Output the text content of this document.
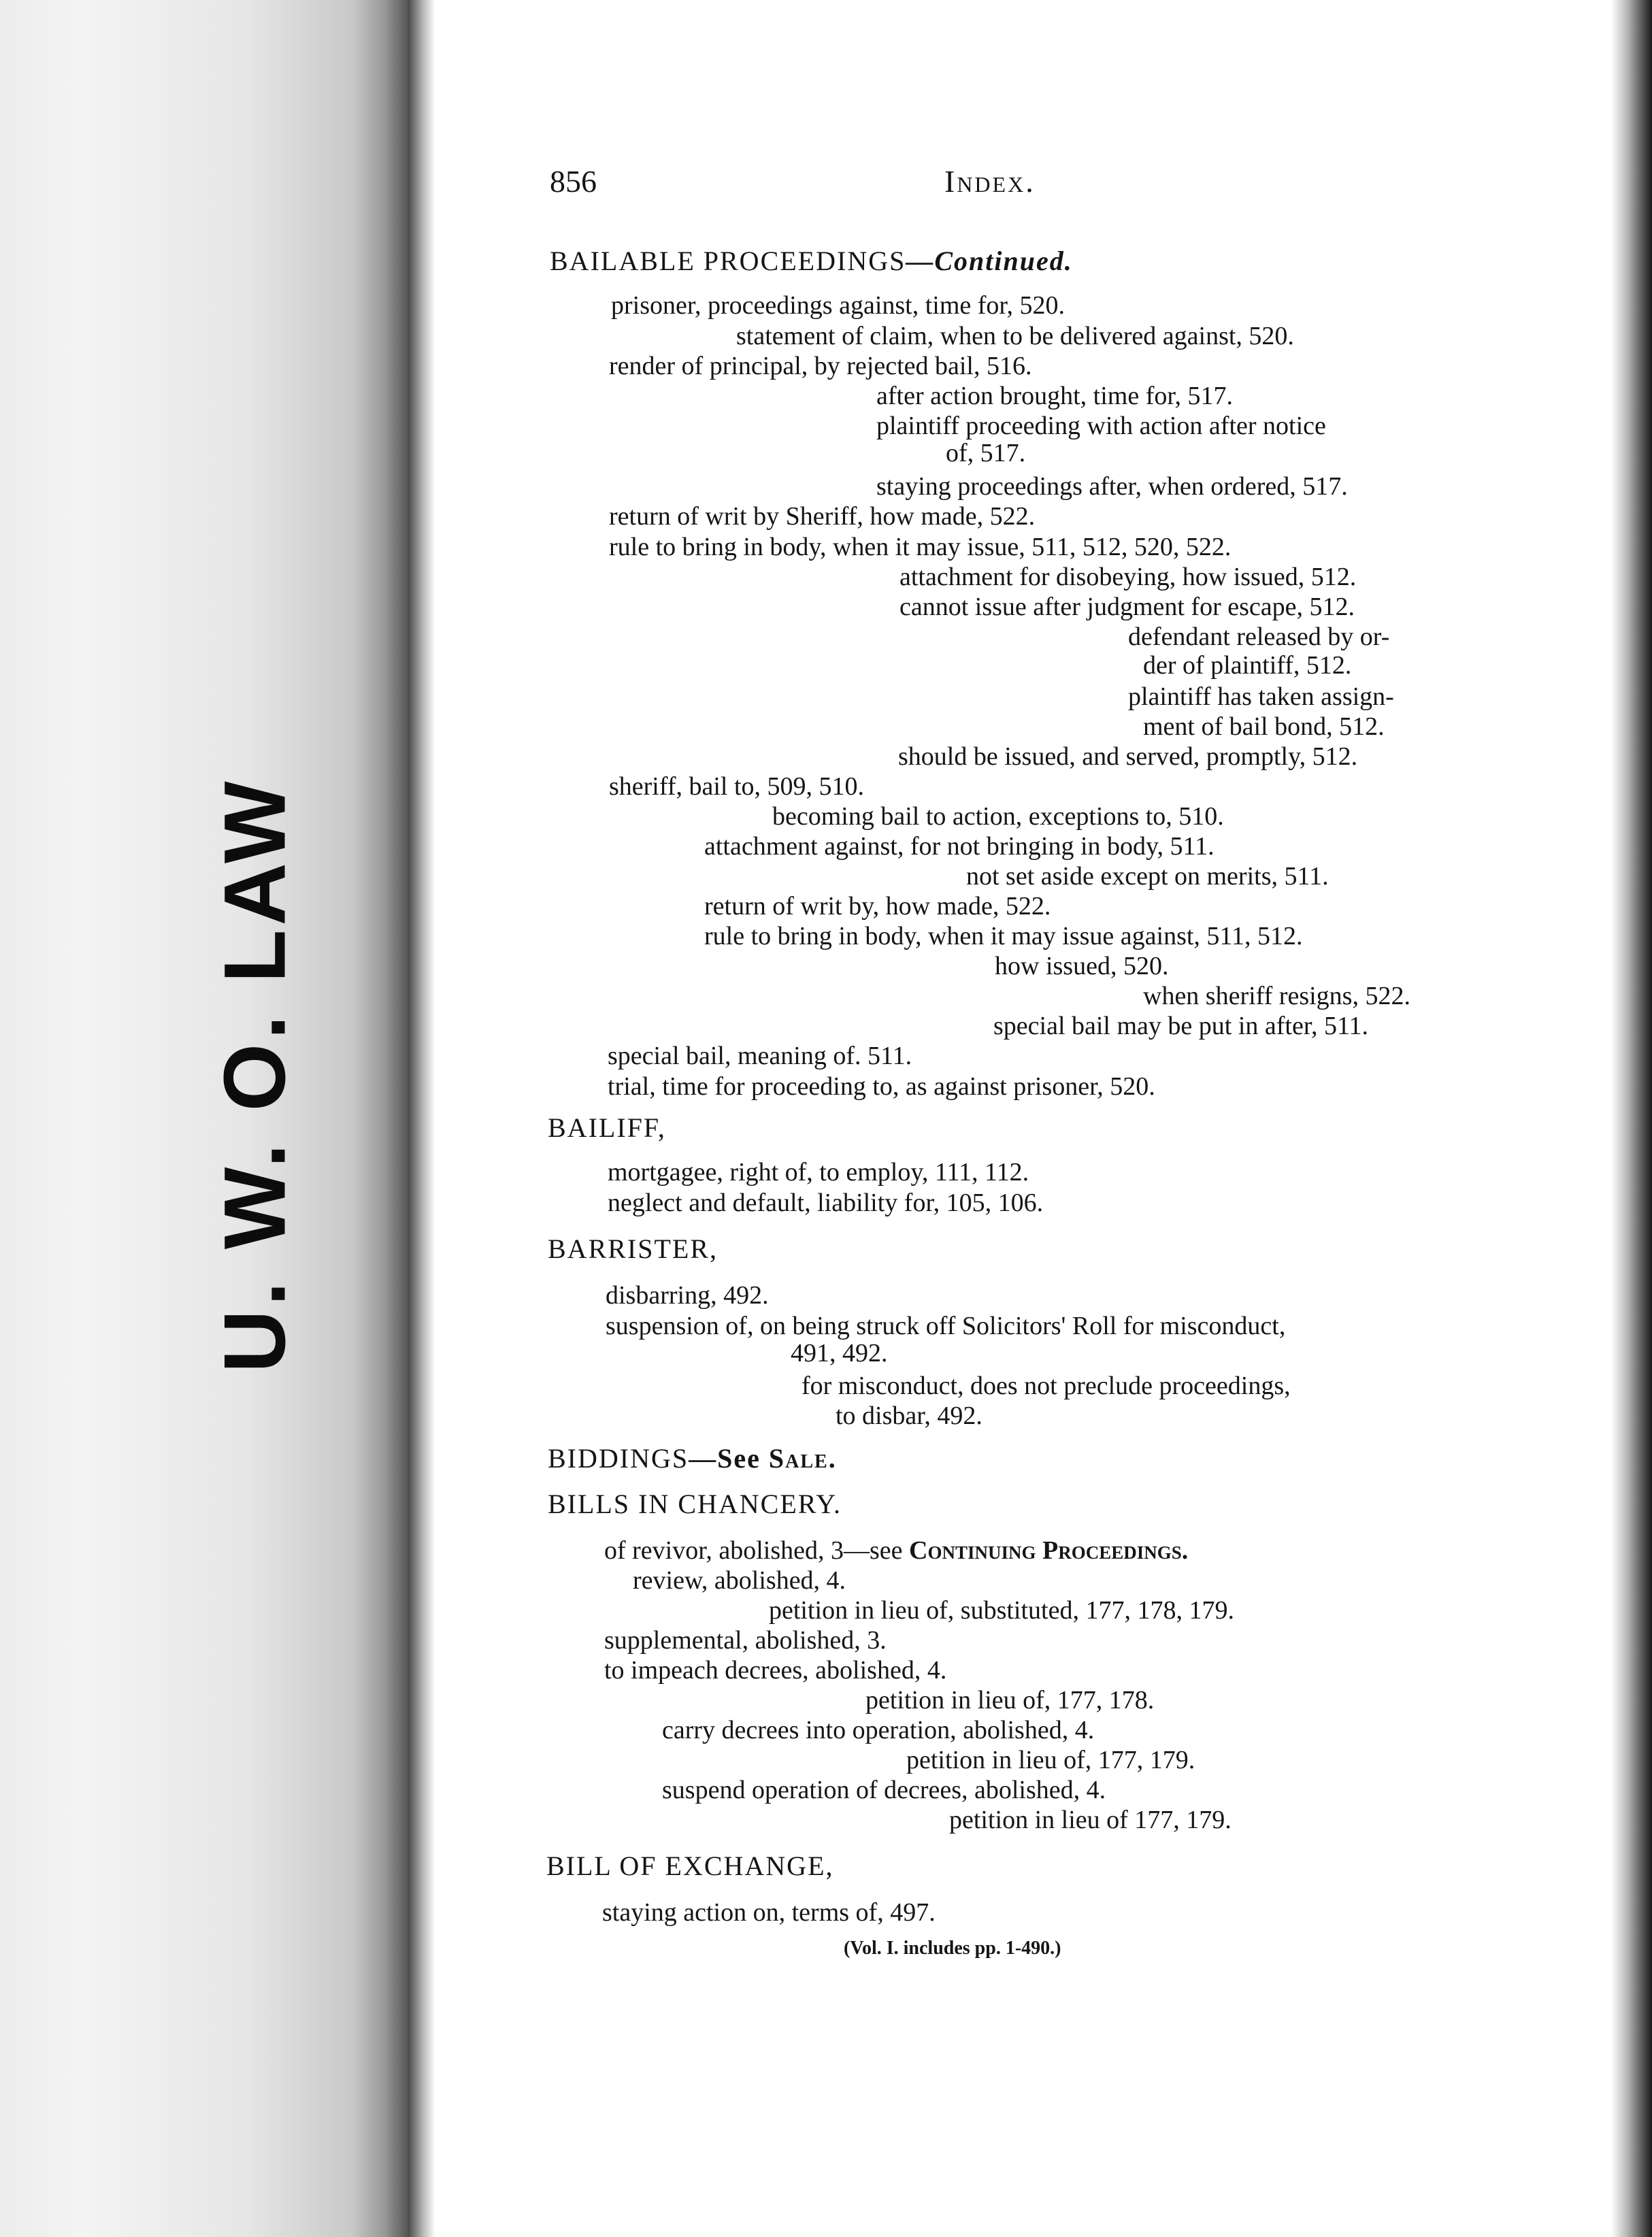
U. W. O. LAW
856	Index.
BAILABLE PROCEEDINGS—Continued.
prisoner, proceedings against, time for, 520.
statement of claim, when to be delivered against, 520.
render of principal, by rejected bail, 516.
after action brought, time for, 517.
plaintiff proceeding with action after notice
of, 517.
staying proceedings after, when ordered, 517.
return of writ by Sheriff, how made, 522.
rule to bring in body, when it may issue, 511, 512, 520, 522.
attachment for disobeying, how issued, 512.
cannot issue after judgment for escape, 512.
defendant released by or-
der of plaintiff, 512.
plaintiff has taken assign-
ment of bail bond, 512.
should be issued, and served, promptly, 512.
sheriff, bail to, 509, 510.
becoming bail to action, exceptions to, 510.
attachment against, for not bringing in body, 511.
not set aside except on merits, 511.
return of writ by, how made, 522.
rule to bring in body, when it may issue against, 511, 512.
how issued, 520.
when sheriff resigns, 522.
special bail may be put in after, 511.
special bail, meaning of. 511.
trial, time for proceeding to, as against prisoner, 520.
BAILIFF,
mortgagee, right of, to employ, 111, 112.
neglect and default, liability for, 105, 106.
BARRISTER,
disbarring, 492.
suspension of, on being struck off Solicitors' Roll for misconduct,
491, 492.
for misconduct, does not preclude proceedings,
to disbar, 492.
BIDDINGS—See Sale.
BILLS IN CHANCERY.
of revivor, abolished, 3—see Continuing Proceedings.
review, abolished, 4.
petition in lieu of, substituted, 177, 178, 179.
supplemental, abolished, 3.
to impeach decrees, abolished, 4.
petition in lieu of, 177, 178.
carry decrees into operation, abolished, 4.
petition in lieu of, 177, 179.
suspend operation of decrees, abolished, 4.
petition in lieu of 177, 179.
BILL OF EXCHANGE,
staying action on, terms of, 497.
(Vol. I. includes pp. 1-490.)
